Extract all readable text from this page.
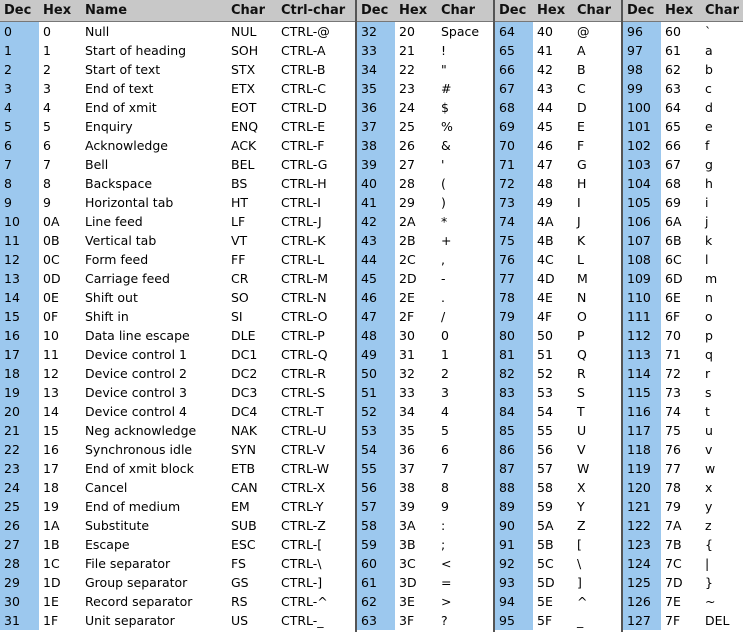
Dec Hex	Name	Char	Ctrl-char
0	0	Null	NUL	CTRL-@
1	1	Start of heading	SOH	CTRL-A
2	2	Start of text	STX	CTRL-B
3	3	End of text	ETX	CTRL-C
4	4	End of xmit	EOT	CTRL-D
5	5	Enquiry	ENQ	CTRL-E
6	6	Acknowledge	ACK	CTRL-F
7	7	Bell	BEL	CTRL-G
8	8	Backspace	BS	CTRL-H
9	9	Horizontal tab	HT	CTRL-I
10	0A	Line feed	LF	CTRL-J
11	0B	Vertical tab	VT	CTRL-K
12	0C	Form feed	FF	CTRL-L
13	0D	Carriage feed	CR	CTRL-M
14	0E	Shift out	SO	CTRL-N
15	0F	Shift in	SI	CTRL-O
16	10	Data line escape	DLE	CTRL-P
17	11	Device control 1	DC1	CTRL-Q
18	12	Device control 2	DC2	CTRL-R
19	13	Device control 3	DC3	CTRL-S
20	14	Device control 4	DC4	CTRL-T
21	15	Neg acknowledge	NAK	CTRL-U
22	16	Synchronous idle	SYN	CTRL-V
23	17	End of xmit block	ETB	CTRL-W
24	18	Cancel	CAN	CTRL-X
25	19	End of medium	EM	CTRL-Y
26	1A	Substitute	SUB	CTRL-Z
27	1B	Escape	ESC	CTRL-[
28	1C	File separator	FS	CTRL-\
29	1D	Group separator	GS	CTRL-]
30	1E	Record separator	RS	CTRL-^
31	1F	Unit separator	US	CTRL-_
Dec Hex	Char
32	20	Space
33	21	!
34	22	"
35	23	#
36	24	$
37	25	%
38	26	&
39	27	'
40	28	(
41	29	)
42	2A	*
43	2B	+
44	2C	,
45	2D	-
46	2E	.
47	2F	/
48	30	0
49	31	1
50	32	2
51	33	3
52	34	4
53	35	5
54	36	6
55	37	7
56	38	8
57	39	9
58	3A	:
59	3B	;
60	3C	<
61	3D	=
62	3E	>
63	3F	?
Dec Hex Char
64	40	@
65	41	A
66	42	B
67	43	C
68	44	D
69	45	E
70	46	F
71	47	G
72	48	H
73	49	I
74	4A	J
75	4B	K
76	4C	L
77	4D	M
78	4E	N
79	4F	O
80	50	P
81	51	Q
82	52	R
83	53	S
84	54	T
85	55	U
86	56	V
87	57	W
88	58	X
89	59	Y
90	5A	Z
91	5B	[
92	5C	\
93	5D	]
94	5E	^
95	5F	_
Dec Hex Char
96	60	`
97	61	a
98	62	b
99	63	c
100	64	d
101	65	e
102	66	f
103	67	g
104	68	h
105	69	i
106	6A	j
107	6B	k
108	6C	l
109	6D	m
110	6E	n
111	6F	o
112	70	p
113	71	q
114	72	r
115	73	s
116	74	t
117	75	u
118	76	v
119	77	w
120	78	x
121	79	y
122	7A	z
123	7B	{
124	7C	|
125	7D	}
126	7E	~
127	7F	DEL
